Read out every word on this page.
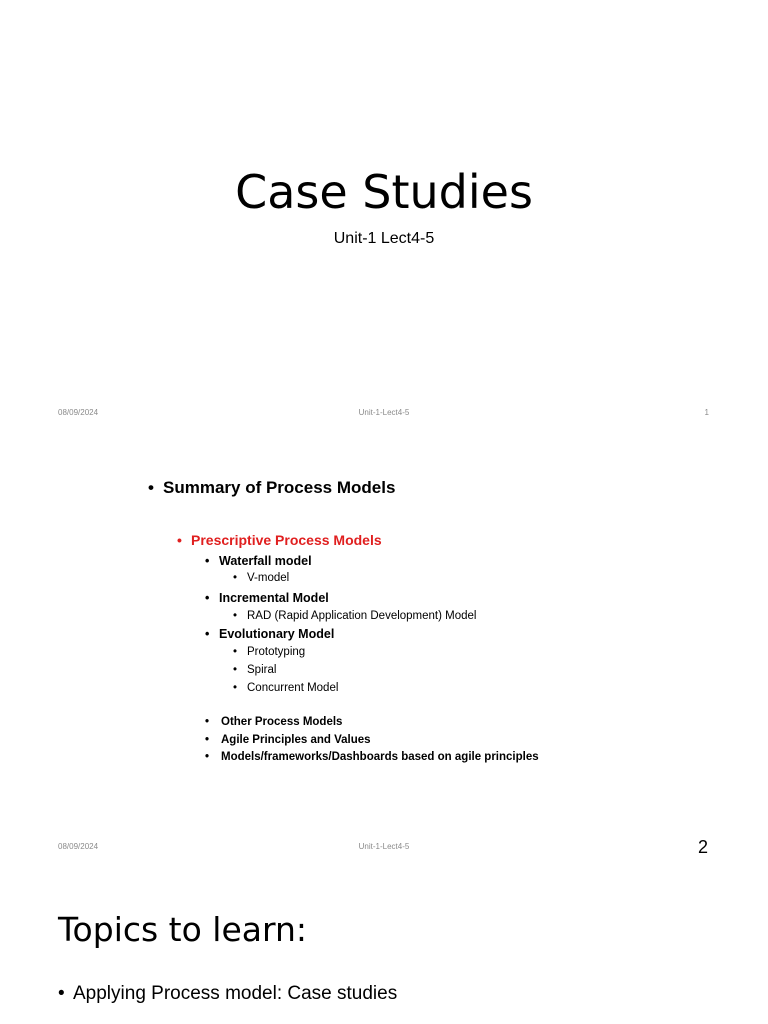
Case Studies
Unit-1 Lect4-5
08/09/2024	Unit-1-Lect4-5	1
• Summary of Process Models
• Prescriptive Process Models
• Waterfall model
• V-model
• Incremental Model
• RAD (Rapid Application Development) Model
• Evolutionary Model
• Prototyping
• Spiral
• Concurrent Model
• Other Process Models
• Agile Principles and Values
• Models/frameworks/Dashboards based on agile principles
08/09/2024	Unit-1-Lect4-5	2
Topics to learn:
• Applying Process model: Case studies
